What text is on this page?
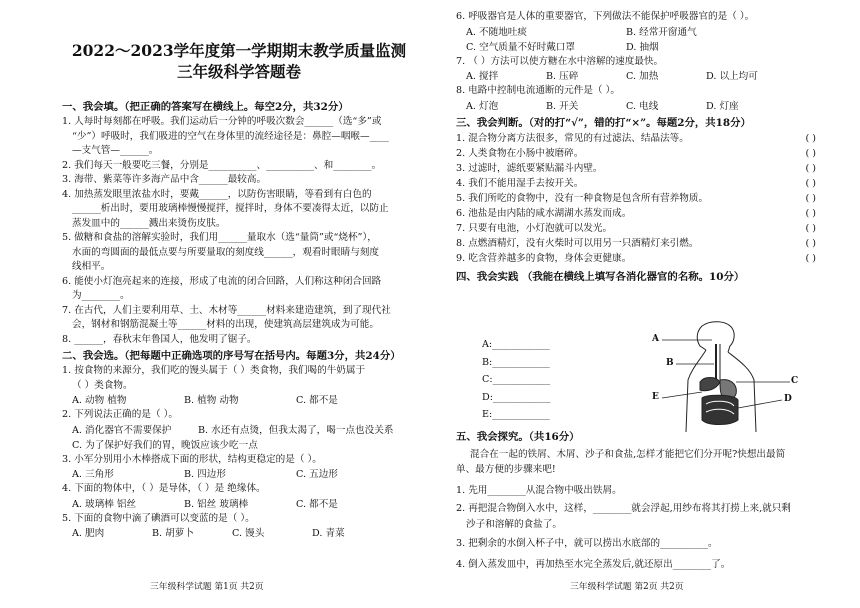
2022～2023学年度第一学期期末教学质量监测

三年级科学答题卷

一、我会填。（把正确的答案写在横线上。每空2分，共32分）
1. 人每时每刻都在呼吸。我们运动后一分钟的呼吸次数会______（选“多”或
“少”）呼吸时，我们吸进的空气在身体里的流经途径是：鼻腔—咽喉—____
—支气管—______。
2. 我们每天一般要吃三餐，分别是__________、__________、和________。
3. 海带、紫菜等许多海产品中含______最较高。
4. 加热蒸发眼里浓盐水时，要戴______，以防伤害眼睛，等看到有白色的
______析出时，要用玻璃棒慢慢搅拌，搅拌时，身体不要凑得太近，以防止
蒸发皿中的______溅出来烫伤皮肤。
5. 做糖和食盐的溶解实验时，我们用______量取水（选“量筒”或“烧杯”），
水面的弯圆面的最低点要与所要量取的刻度线______，观看时眼睛与刻度
线相平。
6. 能使小灯泡亮起来的连接，形成了电流的闭合回路，人们称这种闭合回路
为________。
7. 在古代，人们主要利用草、土、木材等______材料来建造建筑，到了现代社
会，钢材和钢筋混凝土等______材料的出现，使建筑高层建筑成为可能。
8. ______，春秋末年鲁国人，他发明了锯子。
二、我会选。（把每题中正确选项的序号写在括号内。每题3分，共24分）
1. 按食物的来源分，我们吃的馒头属于（ ）类食物，我们喝的牛奶属于
（ ）类食物。
A. 动物 植物	B. 植物 动物	C. 都不是
2. 下列说法正确的是（ ）。
A. 消化器官不需要保护	B. 水还有点烫，但我太渴了，喝一点也没关系
C. 为了保护好我们的胃，晚饭应该少吃一点
3. 小军分别用小木棒搭成下面的形状，结构更稳定的是（ ）。
A. 三角形	B. 四边形	C. 五边形
4. 下面的物体中，（ ）是导体，（ ）是 绝缘体。
A. 玻璃棒 铝丝	B. 铝丝 玻璃棒	C. 都不是
5. 下面的食物中滴了碘酒可以变蓝的是（ ）。
A. 肥肉	B. 胡萝卜	C. 馒头	D. 青菜
三年级科学试题 第1页 共2页
6. 呼吸器官是人体的重要器官，下列做法不能保护呼吸器官的是（ ）。
A. 不随地吐痰	B. 经常开窗通气
C. 空气质量不好时戴口罩	D. 抽烟
7. （ ）方法可以使方糖在水中溶解的速度最快。
A. 搅拌	B. 压碎	C. 加热	D. 以上均可
8. 电路中控制电流通断的元件是（ ）。
A. 灯泡	B. 开关	C. 电线	D. 灯座
三、我会判断。（对的打“√”，错的打“×”。每题2分，共18分）
1. 混合物分离方法很多，常见的有过滤法、结晶法等。	( )
2. 人类食物在小肠中被磨碎。	( )
3. 过滤时，滤纸要紧贴漏斗内壁。	( )
4. 我们不能用湿手去按开关。	( )
5. 我们所吃的食物中，没有一种食物是包含所有营养物质。	( )
6. 池盐是由内陆的咸水湖湖水蒸发而成。	( )
7. 只要有电池，小灯泡就可以发光。	( )
8. 点燃酒精灯，没有火柴时可以用另一只酒精灯来引燃。	( )
9. 吃含营养越多的食物，身体会更健康。	( )
四、我会实践 （我能在横线上填写各消化器官的名称。10分）
A:____________
B:____________
C:____________
D:____________
E:____________
A
B
C
D
E
五、我会探究。（共16分）
混合在一起的铁屑、木屑、沙子和食盐,怎样才能把它们分开呢?快想出最简
单、最方便的步骤来吧!
1. 先用________从混合物中吸出铁屑。
2. 再把混合物倒入水中，这样，________就会浮起,用纱布将其打捞上来,就只剩
沙子和溶解的食盐了。
3. 把剩余的水倒入杯子中，就可以捞出水底部的__________。
4. 倒入蒸发皿中，再加热至水完全蒸发后,就还原出________了。
三年级科学试题 第2页 共2页
